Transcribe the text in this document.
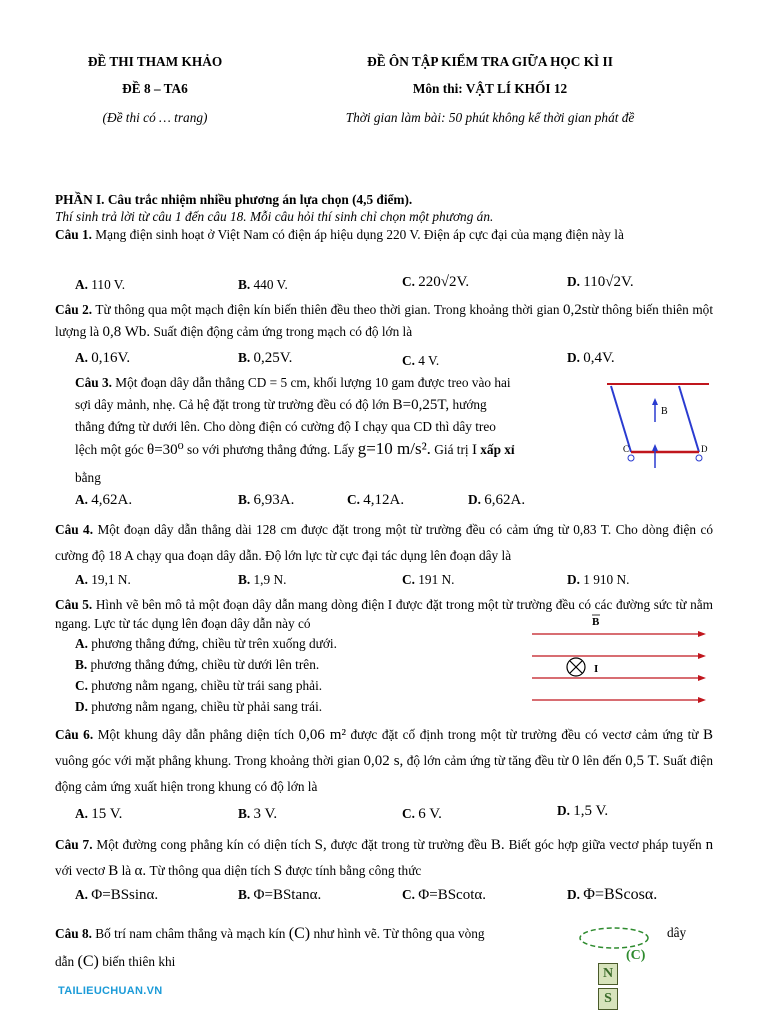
ĐỀ THI THAM KHẢO
ĐỀ 8 – TA6
(Đề thi có … trang)
ĐỀ ÔN TẬP KIỂM TRA GIỮA HỌC KÌ II
Môn thi: VẬT LÍ KHỐI 12
Thời gian làm bài: 50 phút không kể thời gian phát đề
PHẦN I. Câu trắc nhiệm nhiều phương án lựa chọn (4,5 điểm).
Thí sinh trả lời từ câu 1 đến câu 18. Mỗi câu hỏi thí sinh chỉ chọn một phương án.
Câu 1. Mạng điện sinh hoạt ở Việt Nam có điện áp hiệu dụng 220 V. Điện áp cực đại của mạng điện này là
A. 110 V.	B. 440 V.	C. 220√2V.	D. 110√2V.
Câu 2. Từ thông qua một mạch điện kín biến thiên đều theo thời gian. Trong khoảng thời gian 0,2stừ thông biến thiên một lượng là 0,8 Wb. Suất điện động cảm ứng trong mạch có độ lớn là
A. 0,16V.	B. 0,25V.	C. 4 V.	D. 0,4V.
Câu 3. Một đoạn dây dẫn thẳng CD = 5 cm, khối lượng 10 gam được treo vào hai
sợi dây mảnh, nhẹ. Cả hệ đặt trong từ trường đều có độ lớn B=0,25T, hướng
thẳng đứng từ dưới lên. Cho dòng điện có cường độ I chạy qua CD thì dây treo
lệch một góc θ=30⁰ so với phương thẳng đứng. Lấy g=10 m/s². Giá trị I xấp xỉ
bằng
B
C	D
A. 4,62A.	B. 6,93A.	C. 4,12A.	D. 6,62A.
Câu 4. Một đoạn dây dẫn thẳng dài 128 cm được đặt trong một từ trường đều có cảm ứng từ 0,83 T. Cho dòng điện có cường độ 18 A chạy qua đoạn dây dẫn. Độ lớn lực từ cực đại tác dụng lên đoạn dây là
A. 19,1 N.	B. 1,9 N.	C. 191 N.	D. 1 910 N.
Câu 5. Hình vẽ bên mô tả một đoạn dây dẫn mang dòng điện I được đặt trong một từ trường đều có các đường sức từ nằm ngang. Lực từ tác dụng lên đoạn dây dẫn này có	B
I
A. phương thẳng đứng, chiều từ trên xuống dưới.
B. phương thẳng đứng, chiều từ dưới lên trên.
C. phương nằm ngang, chiều từ trái sang phải.
D. phương nằm ngang, chiều từ phải sang trái.
Câu 6. Một khung dây dẫn phẳng diện tích 0,06 m² được đặt cố định trong một từ trường đều có vectơ cảm ứng từ B vuông góc với mặt phẳng khung. Trong khoảng thời gian 0,02 s, độ lớn cảm ứng từ tăng đều từ 0 lên đến 0,5 T. Suất điện động cảm ứng xuất hiện trong khung có độ lớn là
A. 15 V.	B. 3 V.	C. 6 V.	D. 1,5 V.
Câu 7. Một đường cong phẳng kín có diện tích S, được đặt trong từ trường đều B. Biết góc hợp giữa vectơ pháp tuyến n với vectơ B là α. Từ thông qua diện tích S được tính bằng công thức
A. Φ=BSsinα.	B. Φ=BStanα.	C. Φ=BScotα.	D. Φ=BScosα.
Câu 8. Bố trí nam châm thẳng và mạch kín (C) như hình vẽ. Từ thông qua vòng
dẫn (C) biến thiên khi
dây
(C)
N
S
TAILIEUCHUAN.VN
